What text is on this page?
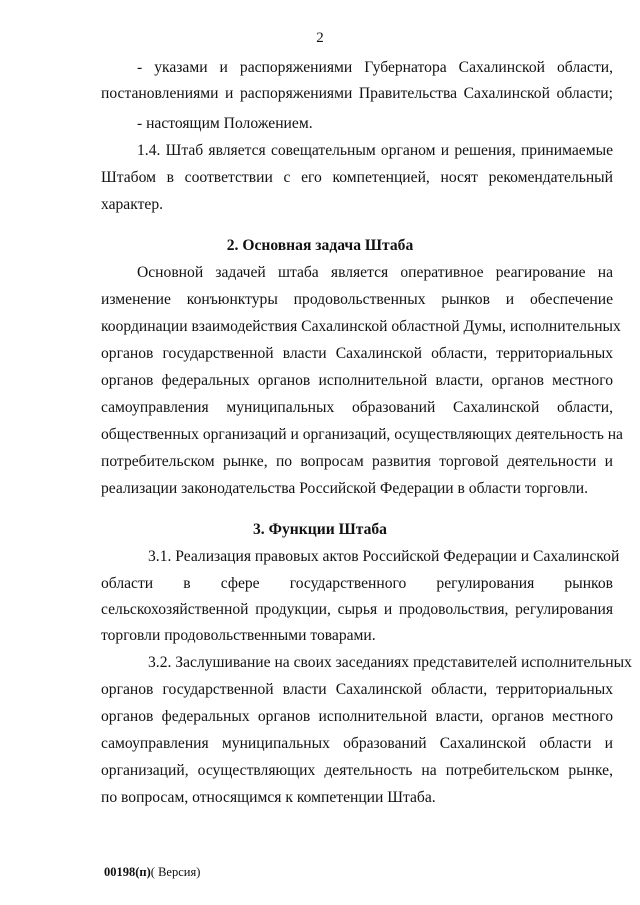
2
- указами и распоряжениями Губернатора Сахалинской области,
постановлениями и распоряжениями Правительства Сахалинской области;
- настоящим Положением.
1.4. Штаб является совещательным органом и решения, принимаемые
Штабом в соответствии с его компетенцией, носят рекомендательный
характер.
2. Основная задача Штаба
Основной задачей штаба является оперативное реагирование на
изменение конъюнктуры продовольственных рынков и обеспечение
координации взаимодействия Сахалинской областной Думы, исполнительных
органов государственной власти Сахалинской области, территориальных
органов федеральных органов исполнительной власти, органов местного
самоуправления муниципальных образований Сахалинской области,
общественных организаций и организаций, осуществляющих деятельность на
потребительском рынке, по вопросам развития торговой деятельности и
реализации законодательства Российской Федерации в области торговли.
3. Функции Штаба
3.1. Реализация правовых актов Российской Федерации и Сахалинской
области в сфере государственного регулирования рынков
сельскохозяйственной продукции, сырья и продовольствия, регулирования
торговли продовольственными товарами.
3.2. Заслушивание на своих заседаниях представителей исполнительных
органов государственной власти Сахалинской области, территориальных
органов федеральных органов исполнительной власти, органов местного
самоуправления муниципальных образований Сахалинской области и
организаций, осуществляющих деятельность на потребительском рынке,
по вопросам, относящимся к компетенции Штаба.
00198(п)( Версия)
